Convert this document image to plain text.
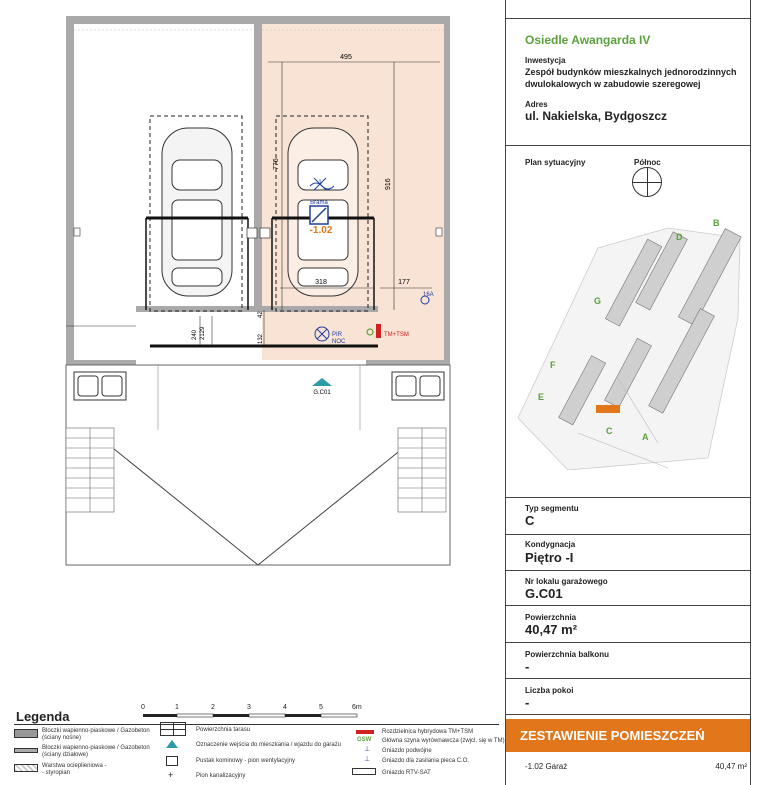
495
776
916
318	177
240 2129	132
42
Brama
1
-1.02
PIR
NOC
TM+TSM
16A
G.C01
0	1	2	3	4	5	6m
Legenda
Bloczki wapienno-piaskowe / Gazobeton
(ściany nośne)
Bloczki wapienno-piaskowe / Gazobeton
(ściany działowe)
Warstwa ocieplieniowa -
- styropian
Powierzchnia tarasu
Oznaczenie wejścia do mieszkania / wjazdu do garażu
Pustak kominowy - pion wentylacyjny
+	Pion kanalizacyjny
Rozdzielnica hybrydowa TM+TSM
GSW Główna szyna wyrównawcza (zwjcl. się w TM)
⊥ Gniazdo podwójne
⊥ Gniazdo dla zasilania pieca C.O.
Gniazdo RTV-SAT
Osiedle Awangarda IV
Inwestycja
Zespół budynków mieszkalnych jednorodzinnych
dwulokalowych w zabudowie szeregowej
Adres
ul. Nakielska, Bydgoszcz
Plan sytuacyjny	Północ
A
B
C
D
E
F
G
Typ segmentu
C
Kondygnacja
Piętro -I
Nr lokalu garażowego
G.C01
Powierzchnia
40,47 m²
Powierzchnia balkonu
-
Liczba pokoi
-
ZESTAWIENIE POMIESZCZEŃ
-1.02 Garaż	40,47 m²
